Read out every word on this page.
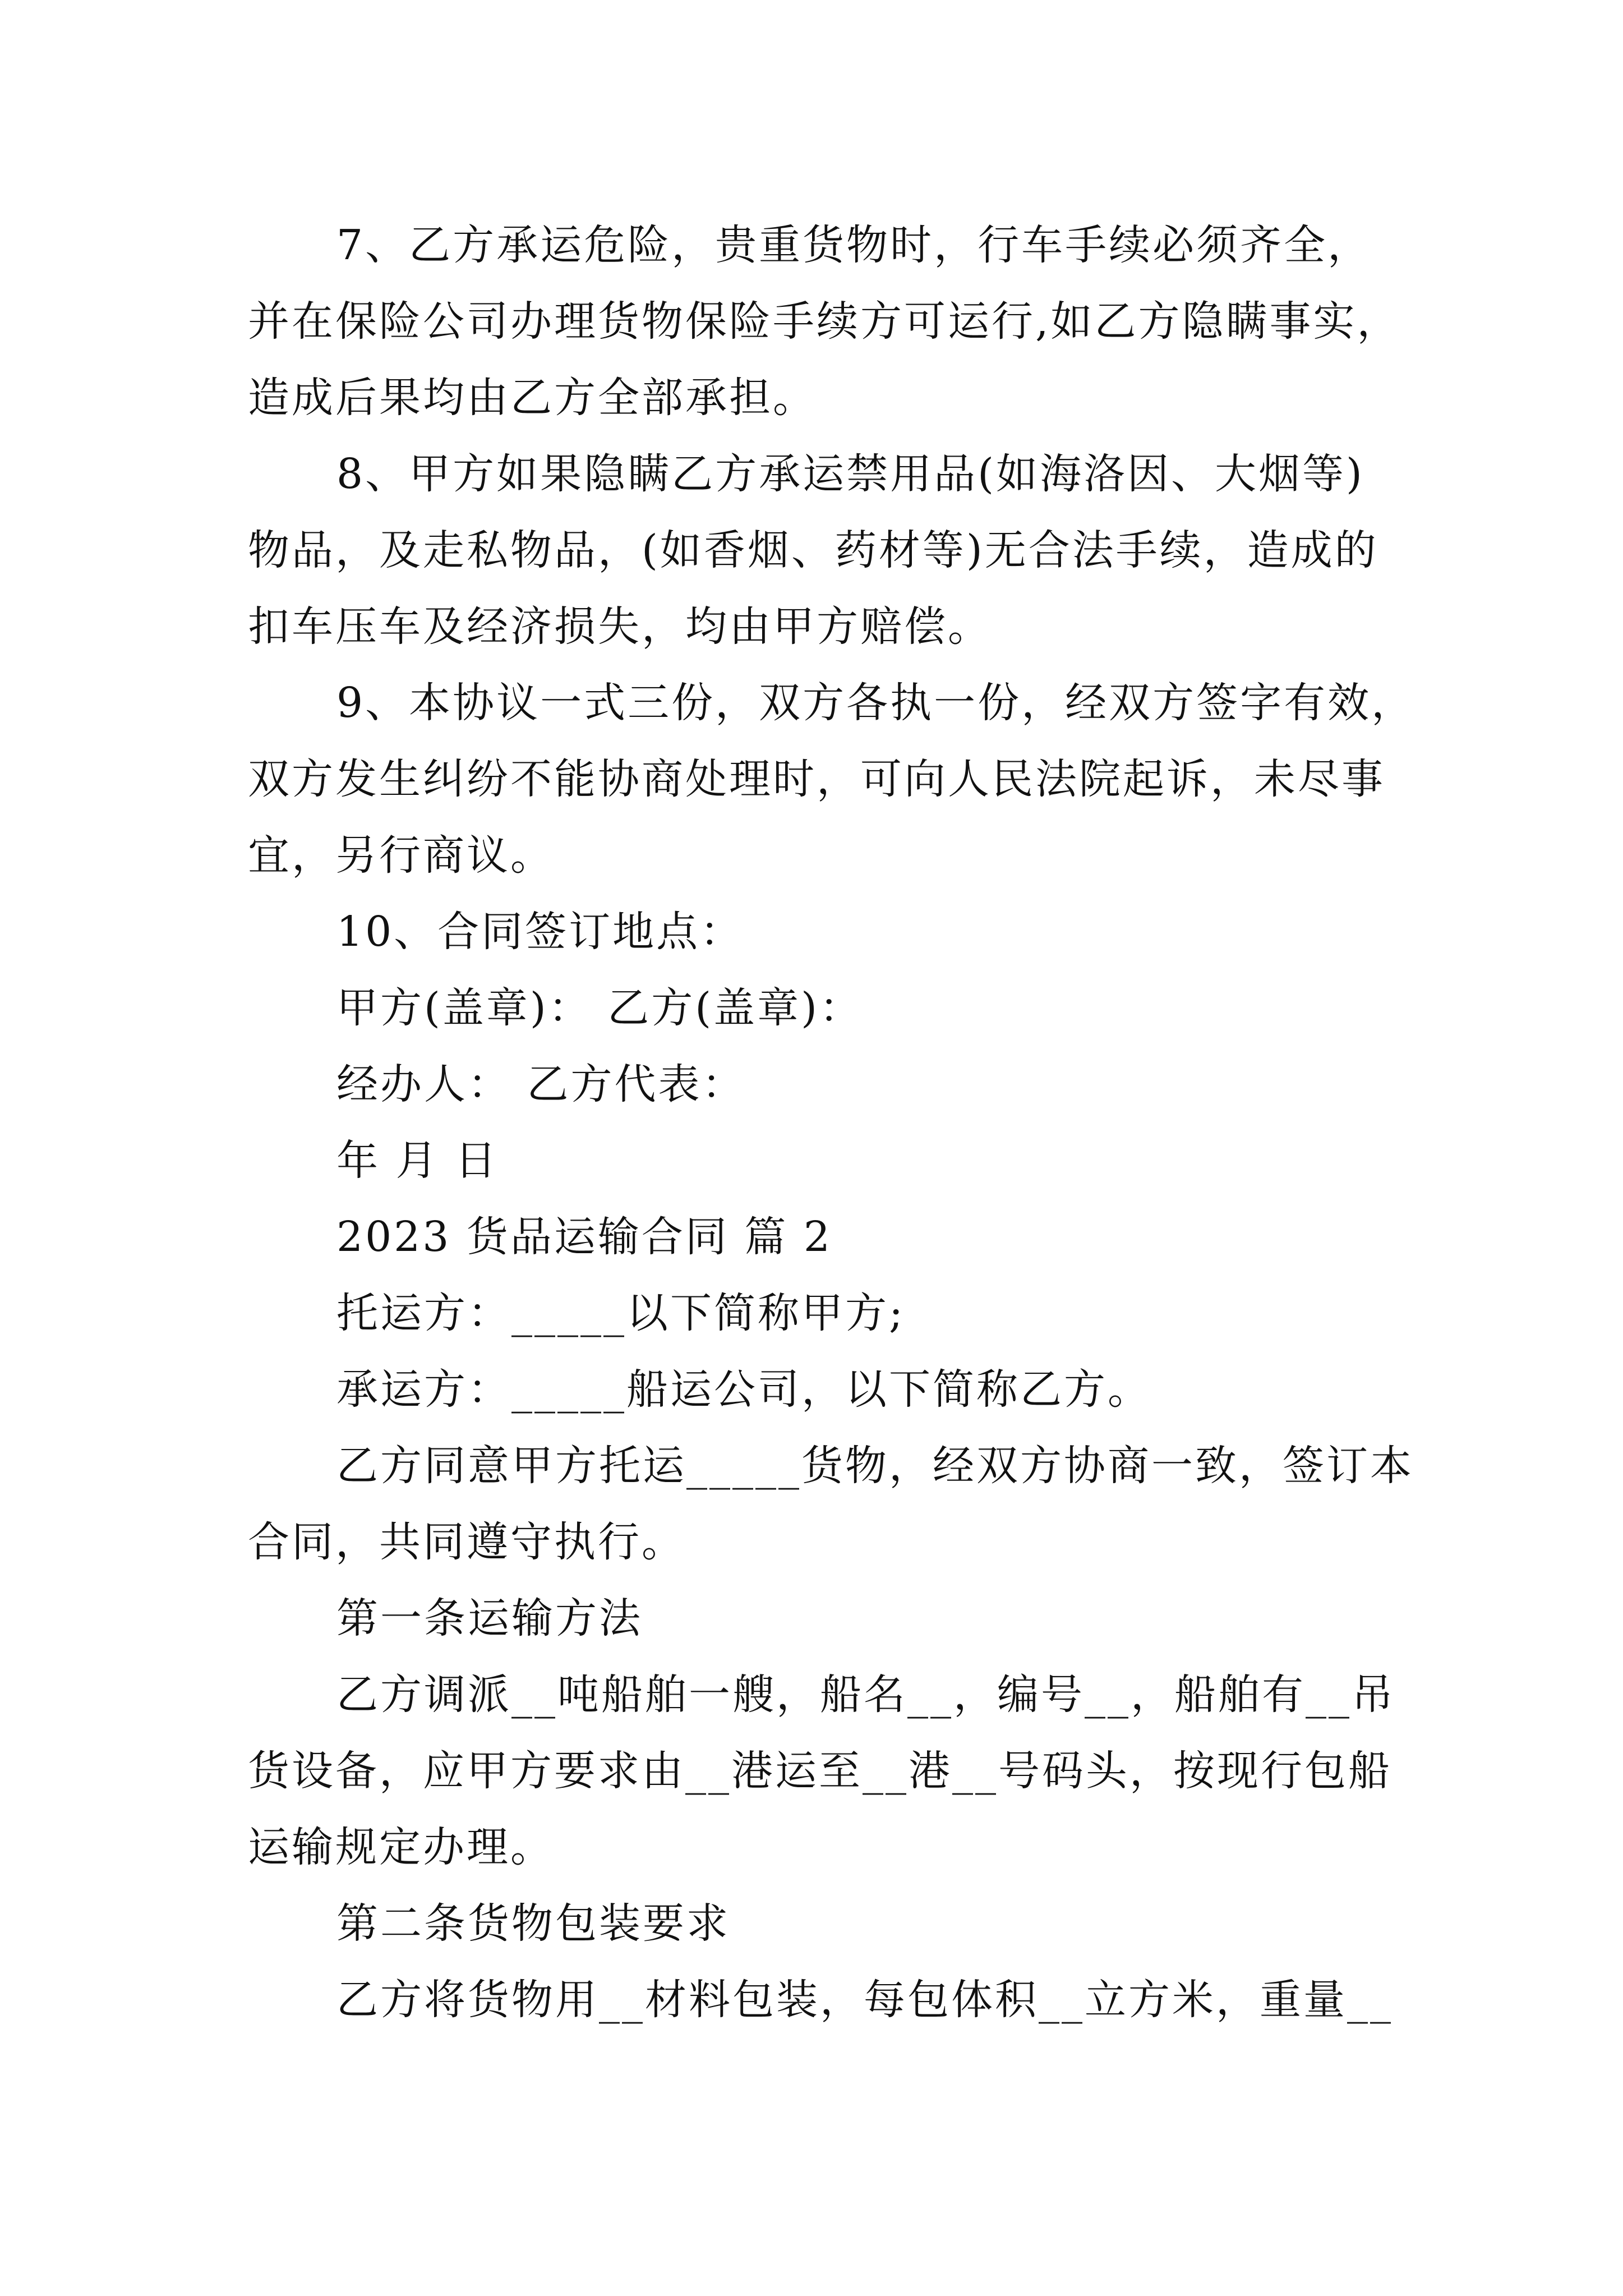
7、乙方承运危险，贵重货物时，行车手续必须齐全，
并在保险公司办理货物保险手续方可运行,如乙方隐瞒事实，
造成后果均由乙方全部承担。
8、甲方如果隐瞒乙方承运禁用品(如海洛因、大烟等)
物品，及走私物品，(如香烟、药材等)无合法手续，造成的
扣车压车及经济损失，均由甲方赔偿。
9、本协议一式三份，双方各执一份，经双方签字有效，
双方发生纠纷不能协商处理时，可向人民法院起诉，未尽事
宜，另行商议。
10、合同签订地点：
甲方(盖章)： 乙方(盖章)：
经办人： 乙方代表：
年 月 日
2023 货品运输合同 篇 2
托运方：_____以下简称甲方;
承运方：_____船运公司，以下简称乙方。
乙方同意甲方托运_____货物，经双方协商一致，签订本
合同，共同遵守执行。
第一条运输方法
乙方调派__吨船舶一艘，船名__，编号__，船舶有__吊
货设备，应甲方要求由__港运至__港__号码头，按现行包船
运输规定办理。
第二条货物包装要求
乙方将货物用__材料包装，每包体积__立方米，重量__
